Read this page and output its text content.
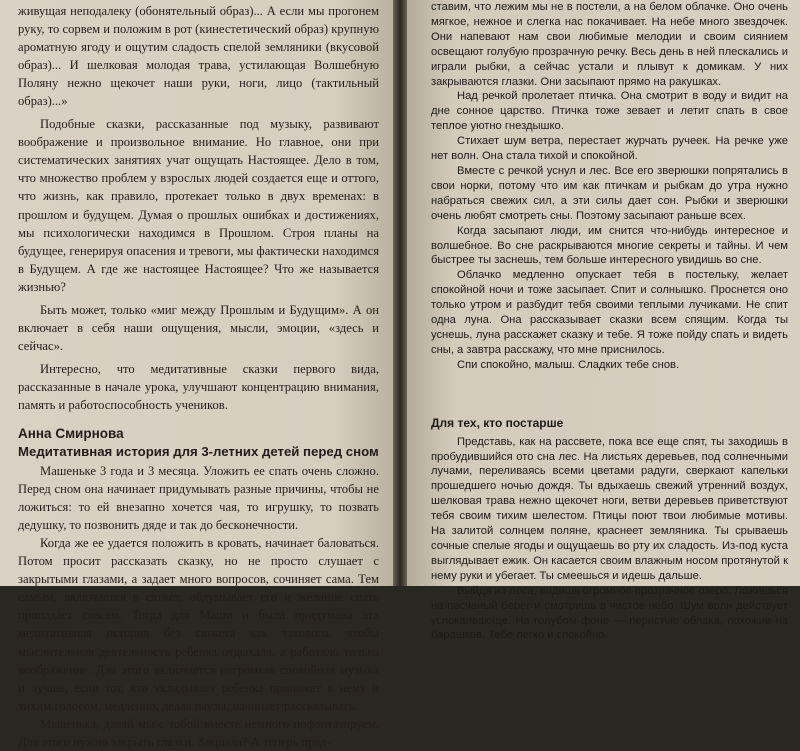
живущая неподалеку (обонятельный образ)... А если мы прогонем руку, то сорвем и положим в рот (кинестетический образ) крупную ароматную ягоду и ощутим сладость спелой земляники (вкусовой образ)... И шелковая молодая трава, устилающая Волшебную Поляну нежно щекочет наши руки, ноги, лицо (тактильный образ)...»

Подобные сказки, рассказанные под музыку, развивают воображение и произвольное внимание. Но главное, они при систематических занятиях учат ощущать Настоящее. Дело в том, что множество проблем у взрослых людей создается еще и оттого, что жизнь, как правило, протекает только в двух временах: в прошлом и будущем. Думая о прошлых ошибках и достижениях, мы психологически находимся в Прошлом. Строя планы на будущее, генерируя опасения и тревоги, мы фактически находимся в Будущем. А где же настоящее Настоящее? Что же называется жизнью?

Быть может, только «миг между Прошлым и Будущим». А он включает в себя наши ощущения, мысли, эмоции, «здесь и сейчас».

Интересно, что медитативные сказки первого вида, рассказанные в начале урока, улучшают концентрацию внимания, память и работоспособность учеников.

Анна Смирнова
Медитативная история для 3-летних детей перед сном

Машеньке 3 года и 3 месяца. Уложить ее спать очень сложно. Перед сном она начинает придумывать разные причины, чтобы не ложиться: то ей внезапно хочется чая, то игрушку, то позвать дедушку, то позвонить дяде и так до бесконечности.

Когда же ее удается положить в кровать, начинает баловаться. Потом просит рассказать сказку, но не просто слушает с закрытыми глазами, а задает много вопросов, сочиняет сама. Тем самым, включается в сюжет, обдумывает его и желание спать пропадает совсем. Тогда для Маши и была придумана эта медитативная история без сюжета как такового, чтобы мыслительная деятельность ребенка отдыхала, а работало только воображение. Для этого включается негромкая спокойная музыка и лучше, если тот, кто укладывает ребенка приляжет к нему и тихим голосом, медленно, делая паузы, начинает рассказывать.

Машенька, давай мы с тобой вместе немного пофантазируем. Для этого нужно закрыть глазки. Закрыла? А теперь пред-

ставим, что лежим мы не в постели, а на белом облачке. Оно очень мягкое, нежное и слегка нас покачивает. На небе много звездочек. Они напевают нам свои любимые мелодии и своим сиянием освещают голубую прозрачную речку. Весь день в ней плескались и играли рыбки, а сейчас устали и плывут к домикам. У них закрываются глазки. Они засыпают прямо на ракушках.

Над речкой пролетает птичка. Она смотрит в воду и видит на дне сонное царство. Птичка тоже зевает и летит спать в свое теплое уютно гнездышко.

Стихает шум ветра, перестает журчать ручеек. На речке уже нет волн. Она стала тихой и спокойной.

Вместе с речкой уснул и лес. Все его зверюшки попрятались в свои норки, потому что им как птичкам и рыбкам до утра нужно набраться свежих сил, а эти силы дает сон. Рыбки и зверюшки очень любят смотреть сны. Поэтому засыпают раньше всех.

Когда засыпают люди, им снится что-нибудь интересное и волшебное. Во сне раскрываются многие секреты и тайны. И чем быстрее ты заснешь, тем больше интересного увидишь во сне.

Облачко медленно опускает тебя в постельку, желает спокойной ночи и тоже засыпает. Спит и солнышко. Проснется оно только утром и разбудит тебя своими теплыми лучиками. Не спит одна луна. Она рассказывает сказки всем спящим. Когда ты уснешь, луна расскажет сказку и тебе. Я тоже пойду спать и видеть сны, а завтра расскажу, что мне приснилось.

Спи спокойно, малыш. Сладких тебе снов.

Для тех, кто постарше

Представь, как на рассвете, пока все еще спят, ты заходишь в пробудившийся ото сна лес. На листьях деревьев, под солнечными лучами, переливаясь всеми цветами радуги, сверкают капельки прошедшего ночью дождя. Ты вдыхаешь свежий утренний воздух, шелковая трава нежно щекочет ноги, ветви деревьев приветствуют тебя своим тихим шелестом. Птицы поют твои любимые мотивы. На залитой солнцем поляне, краснеет земляника. Ты срываешь сочные спелые ягоды и ощущаешь во рту их сладость. Из-под куста выглядывает ежик. Он касается своим влажным носом протянутой к нему руки и убегает. Ты смеешься и идешь дальше.

Выйдя из леса, видишь огромное прозрачное озеро. Ложишься на песчаный берег и смотришь в чистое небо. Шум волн действует успокаивающе. На голубом фоне — перистые облака, похожие на барашков. Тебе легко и спокойно.
